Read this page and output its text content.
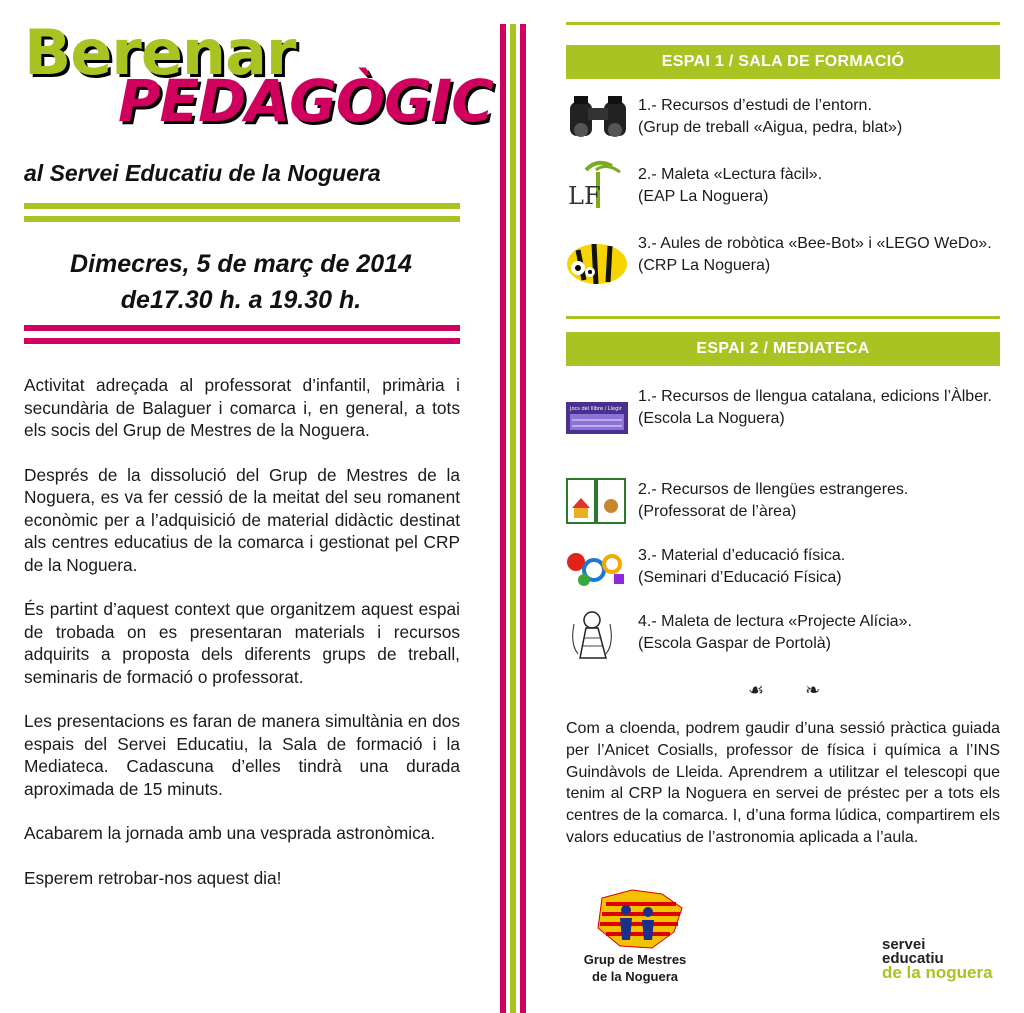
Berenar
PEDAGÒGIC
al Servei Educatiu de la Noguera
Dimecres, 5 de març de 2014
de17.30 h. a 19.30 h.

Activitat adreçada al professorat d’infantil, primària i secundària de Balaguer i comarca i, en general, a tots els socis del Grup de Mestres de la Noguera.

Després de la dissolució del Grup de Mestres de la Noguera, es va fer cessió de la meitat del seu romanent econòmic per a l’adquisició de material didàctic destinat als centres educatius de la comarca i gestionat pel CRP de la Noguera.

És partint d’aquest context que organitzem aquest espai de trobada on es presentaran materials i recursos adquirits a proposta dels diferents grups de treball, seminaris de formació o professorat.

Les presentacions es faran de manera simultània en dos espais del Servei Educatiu, la Sala de formació i la Mediateca. Cadascuna d’elles tindrà una durada aproximada de 15 minuts.

Acabarem la jornada amb una vesprada astronòmica.

Esperem retrobar-nos aquest dia!

ESPAI 1 / SALA DE FORMACIÓ
1.- Recursos d’estudi de l’entorn.
(Grup de treball «Aigua, pedra, blat»)
LF
2.- Maleta «Lectura fàcil».
(EAP La Noguera)
3.- Aules de robòtica «Bee-Bot» i «LEGO WeDo».
(CRP La Noguera)
ESPAI 2 / MEDIATECA
Jocs del llibre / Llegir
1.- Recursos de llengua catalana, edicions l’Àlber.
(Escola La Noguera)
2.- Recursos de llengües estrangeres.
(Professorat de l’àrea)
3.- Material d’educació física.
(Seminari d’Educació Física)
4.- Maleta de lectura «Projecte Alícia».
(Escola Gaspar de Portolà)
☙ ❧
Com a cloenda, podrem gaudir d’una sessió pràctica guiada per l’Anicet Cosialls, professor de física i química a l’INS Guindàvols de Lleida. Aprendrem a utilitzar el telescopi que tenim al CRP la Noguera en servei de préstec per a tots els centres de la comarca. I, d’una forma lúdica, compartirem els valors educatius de l’astronomia aplicada a l’aula.
Grup de Mestres
de la Noguera
servei
educatiu
de la noguera
